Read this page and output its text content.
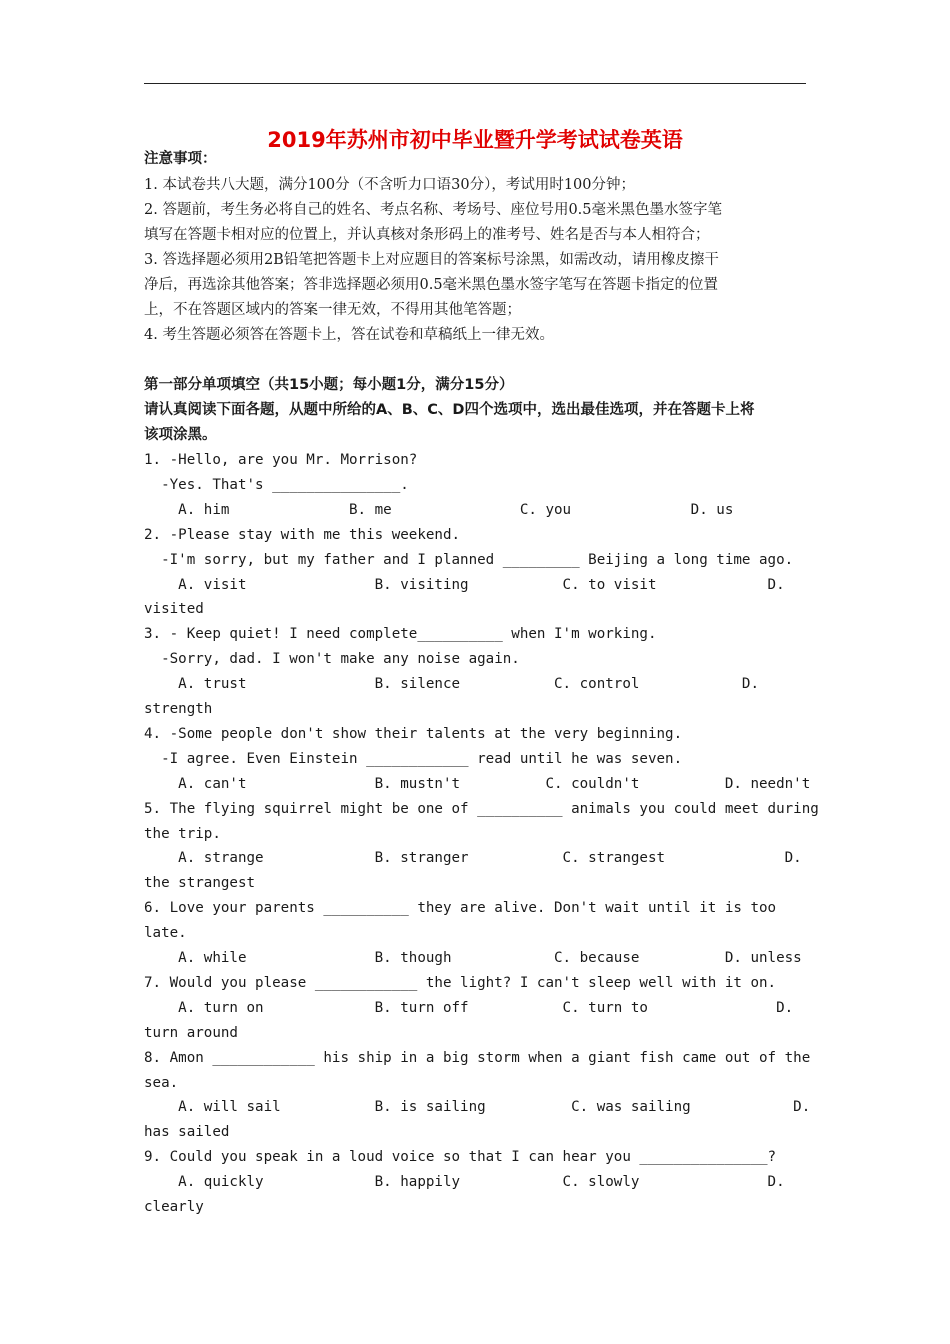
2019年苏州市初中毕业暨升学考试试卷英语
注意事项：
1. 本试卷共八大题，满分100分（不含听力口语30分），考试用时100分钟；
2. 答题前，考生务必将自己的姓名、考点名称、考场号、座位号用0.5毫米黑色墨水签字笔
填写在答题卡相对应的位置上，并认真核对条形码上的准考号、姓名是否与本人相符合；
3. 答选择题必须用2B铅笔把答题卡上对应题目的答案标号涂黑，如需改动，请用橡皮擦干
净后，再选涂其他答案；答非选择题必须用0.5毫米黑色墨水签字笔写在答题卡指定的位置
上，不在答题区域内的答案一律无效，不得用其他笔答题；
4. 考生答题必须答在答题卡上，答在试卷和草稿纸上一律无效。
第一部分单项填空（共15小题；每小题1分，满分15分）
请认真阅读下面各题，从题中所给的A、B、C、D四个选项中，选出最佳选项，并在答题卡上将
该项涂黑。
1. -Hello, are you Mr. Morrison?
-Yes. That's _______________.
A. him              B. me               C. you              D. us
2. -Please stay with me this weekend.
-I'm sorry, but my father and I planned _________ Beijing a long time ago.
A. visit               B. visiting           C. to visit             D.
visited
3. - Keep quiet! I need complete__________ when I'm working.
-Sorry, dad. I won't make any noise again.
A. trust               B. silence           C. control            D.
strength
4. -Some people don't show their talents at the very beginning.
-I agree. Even Einstein ____________ read until he was seven.
A. can't               B. mustn't          C. couldn't          D. needn't
5. The flying squirrel might be one of __________ animals you could meet during
the trip.
A. strange             B. stranger           C. strangest              D.
the strangest
6. Love your parents __________ they are alive. Don't wait until it is too
late.
A. while               B. though            C. because          D. unless
7. Would you please ____________ the light? I can't sleep well with it on.
A. turn on             B. turn off           C. turn to               D.
turn around
8. Amon ____________ his ship in a big storm when a giant fish came out of the
sea.
A. will sail           B. is sailing          C. was sailing            D.
has sailed
9. Could you speak in a loud voice so that I can hear you _______________?
A. quickly             B. happily            C. slowly               D.
clearly
